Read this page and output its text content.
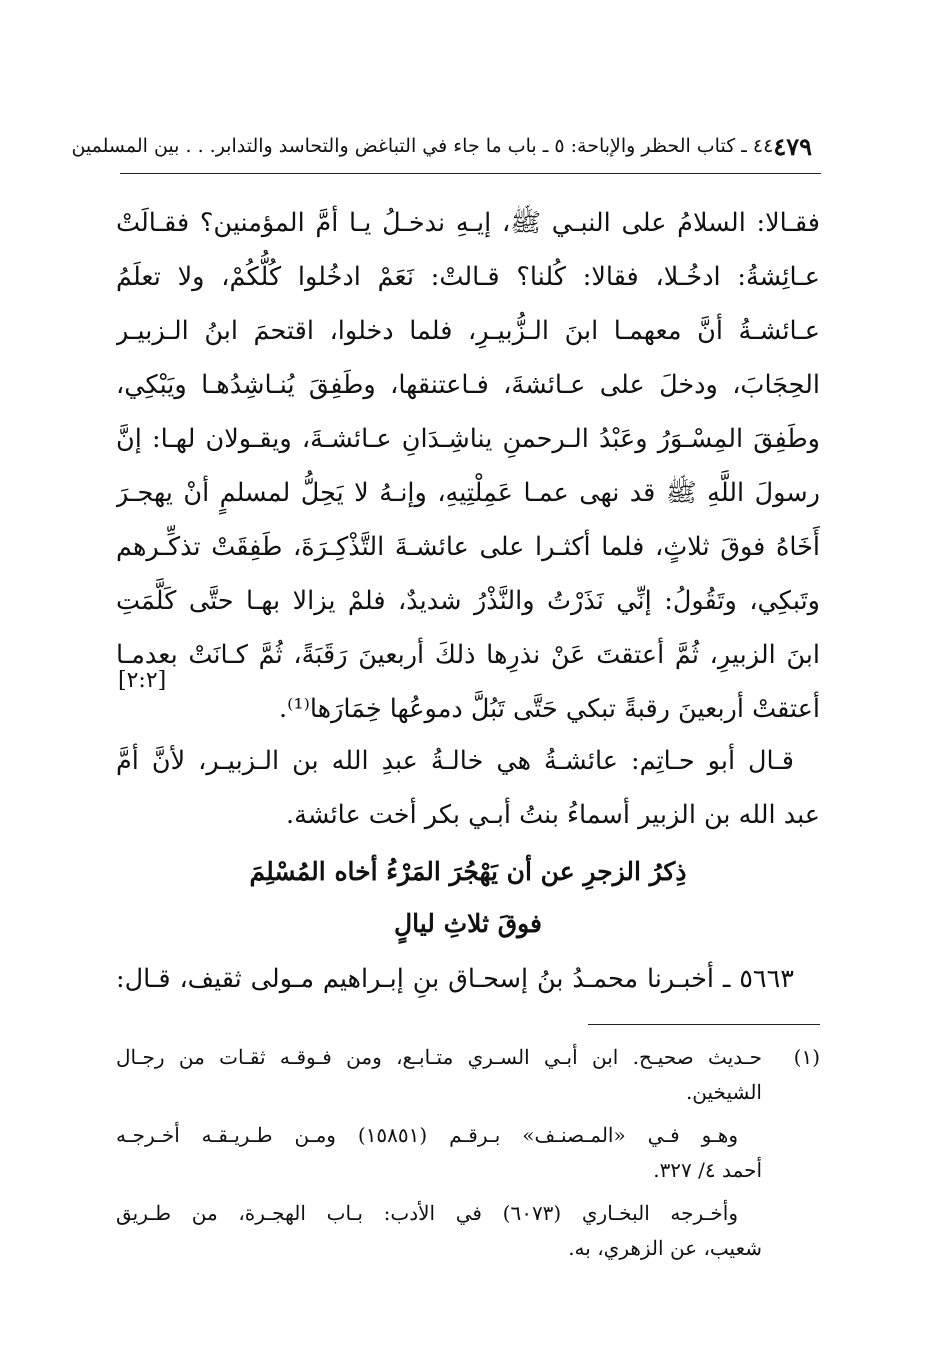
٤٧٩
٤٤ ـ كتاب الحظر والإباحة: ٥ ـ باب ما جاء في التباغض والتحاسد والتدابر. . . بين المسلمين
فقـالا: السلامُ على النبـي ﷺ، إيـهِ ندخـلُ يـا أمَّ المؤمنين؟ فقـالَتْ
عـائِشةُ: ادخُـلا، فقالا: كُلنا؟ قـالتْ: نَعَمْ ادخُلوا كُلُّكُمْ، ولا تعلَمُ
عـائشـةُ أنَّ معهمـا ابنَ الـزُّبيـرِ، فلما دخلوا، اقتحمَ ابنُ الـزبيـر
الحِجَابَ، ودخلَ على عـائشةَ، فـاعتنقها، وطَفِقَ يُنـاشِدُهـا ويَبْكِي،
وطَفِقَ المِسْـوَرُ وعَبْدُ الـرحمنِ يناشِـدَانِ عـائشـةَ، ويقـولان لهـا: إنَّ
رسولَ اللَّهِ ﷺ قد نهى عمـا عَمِلْتِيهِ، وإنـهُ لا يَحِلُّ لمسلمٍ أنْ يهجـرَ
أَخَاهُ فوقَ ثلاثٍ، فلما أكثـرا على عائشـةَ التَّذْكِـرَةَ، طَفِقَتْ تذكِّـرهم
وتَبكِي، وتَقُولُ: إنِّي نَذَرْتُ والنَّذْرُ شديدٌ، فلمْ يزالا بهـا حتَّى كَلَّمَتِ
ابنَ الزبيرِ، ثُمَّ أعتقتَ عَنْ نذرِها ذلكَ أربعينَ رَقَبَةً، ثُمَّ كـانَتْ بعدمـا
أعتقتْ أربعينَ رقبةً تبكي حَتَّى تَبُلَّ دموعُها خِمَارَها⁽¹⁾.
[٢:٢]
قـال أبو حـاتِم: عائشـةُ هي خالـةُ عبدِ الله بن الـزبيـر، لأنَّ أمَّ
عبد الله بن الزبير أسماءُ بنتُ أبـي بكر أخت عائشة.
ذِكرُ الزجرِ عن أن يَهْجُرَ المَرْءُ أخاه المُسْلِمَ
فوقَ ثلاثِ ليالٍ
٥٦٦٣ ـ أخبـرنا محمـدُ بنُ إسحـاق بنِ إبـراهيم مـولى ثقيف، قـال:
(١)
حـديث صحيـح. ابن أبـي السـري متـابـع، ومن فـوقـه ثقـات من رجـال
الشيخين.
وهـو فـي «المـصنـف» بـرقـم (١٥٨٥١) ومـن طـريـقـه أخـرجـه
أحمد ٤/ ٣٢٧.
وأخـرجه البخـاري (٦٠٧٣) في الأدب: بـاب الهجـرة، من طـريق
شعيب، عن الزهري، به.
